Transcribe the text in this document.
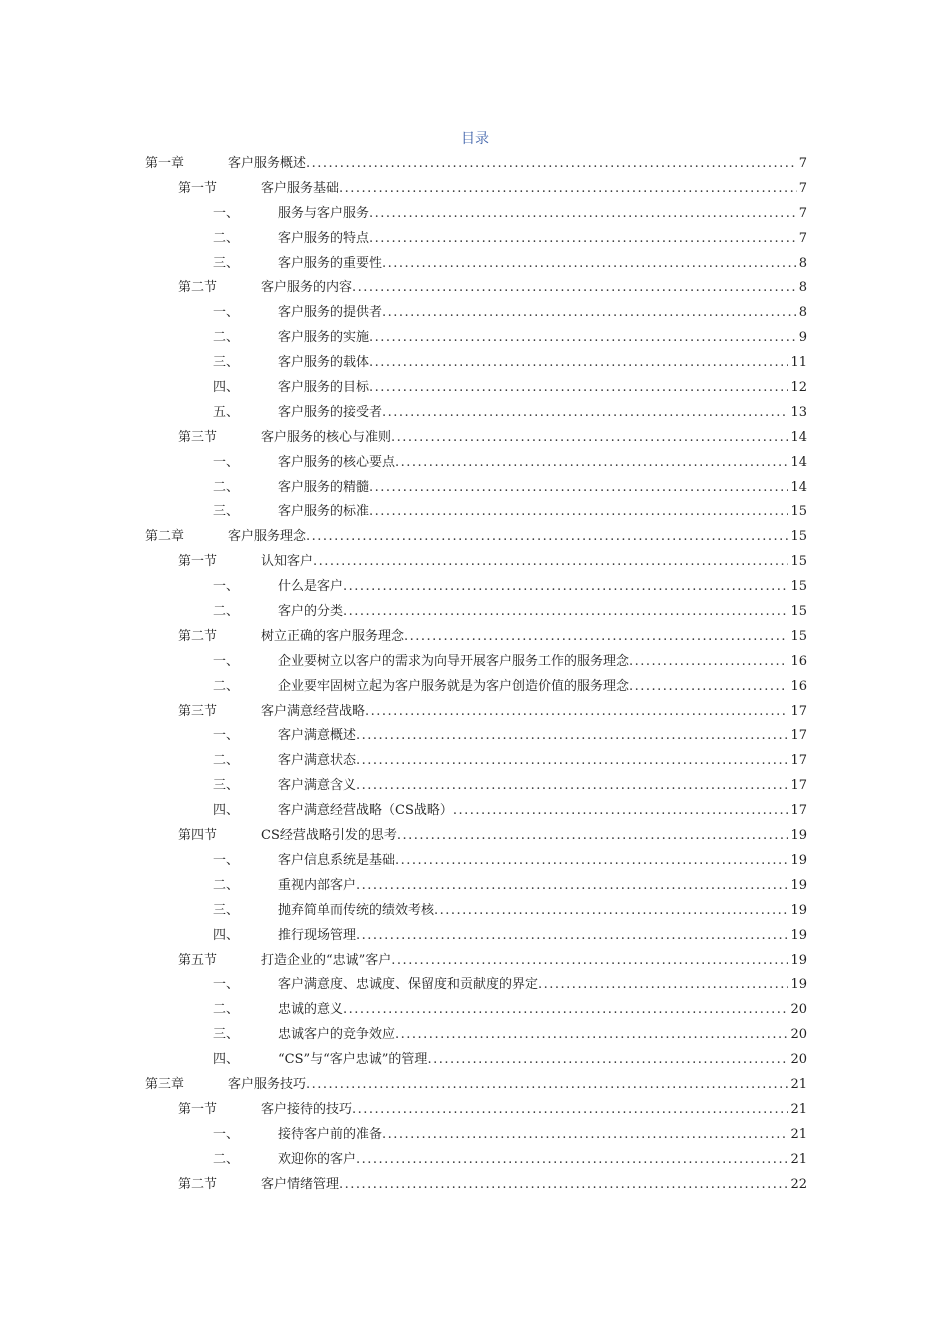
目录
第一章	客户服务概述 .....	7
第一节	客户服务基础 .....	7
一、	服务与客户服务 .....	7
二、	客户服务的特点 .....	7
三、	客户服务的重要性 .....	8
第二节	客户服务的内容 .....	8
一、	客户服务的提供者 .....	8
二、	客户服务的实施 .....	9
三、	客户服务的载体 .....	11
四、	客户服务的目标 .....	12
五、	客户服务的接受者 .....	13
第三节	客户服务的核心与准则 .....	14
一、	客户服务的核心要点 .....	14
二、	客户服务的精髓 .....	14
三、	客户服务的标准 .....	15
第二章	客户服务理念 .....	15
第一节	认知客户 .....	15
一、	什么是客户 .....	15
二、	客户的分类 .....	15
第二节	树立正确的客户服务理念 .....	15
一、	企业要树立以客户的需求为向导开展客户服务工作的服务理念 .....	16
二、	企业要牢固树立起为客户服务就是为客户创造价值的服务理念 .....	16
第三节	客户满意经营战略 .....	17
一、	客户满意概述 .....	17
二、	客户满意状态 .....	17
三、	客户满意含义 .....	17
四、	客户满意经营战略（CS战略） .....	17
第四节	CS经营战略引发的思考 .....	19
一、	客户信息系统是基础 .....	19
二、	重视内部客户 .....	19
三、	抛弃简单而传统的绩效考核 .....	19
四、	推行现场管理 .....	19
第五节	打造企业的“忠诚”客户 .....	19
一、	客户满意度、忠诚度、保留度和贡献度的界定 .....	19
二、	忠诚的意义 .....	20
三、	忠诚客户的竞争效应 .....	20
四、	“CS”与“客户忠诚”的管理 .....	20
第三章	客户服务技巧 .....	21
第一节	客户接待的技巧 .....	21
一、	接待客户前的准备 .....	21
二、	欢迎你的客户 .....	21
第二节	客户情绪管理 .....	22
